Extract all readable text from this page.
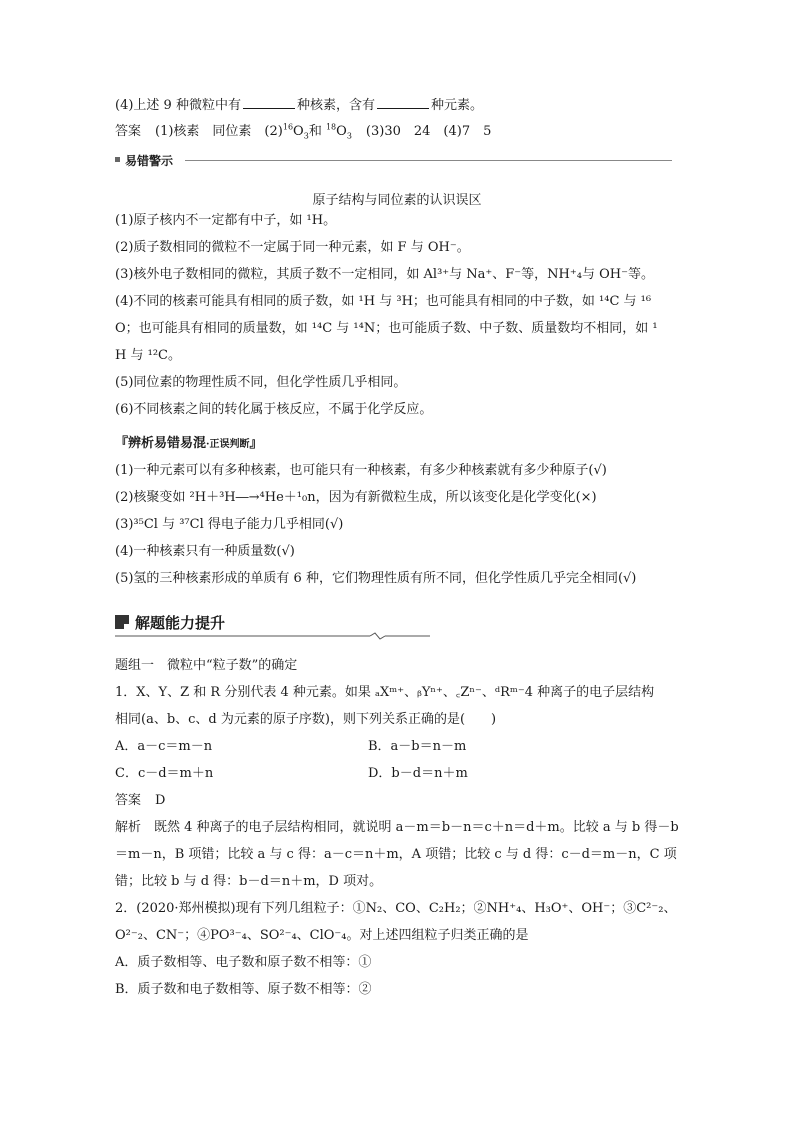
(4)上述 9 种微粒中有	种核素，含有	种元素。
答案 (1)核素　同位素　$(2)^{16}O_3$和 $^{18}O_3$ (3)30　24　(4)7　5
易错警示
原子结构与同位素的认识误区
(1)原子核内不一定都有中子，如 ¹H。
(2)质子数相同的微粒不一定属于同一种元素，如 F 与 OH⁻。
(3)核外电子数相同的微粒，其质子数不一定相同，如 Al³⁺与 Na⁺、F⁻等，NH⁺₄与 OH⁻等。
(4)不同的核素可能具有相同的质子数，如 ¹H 与 ³H；也可能具有相同的中子数，如 ¹⁴C 与 ¹⁶
O；也可能具有相同的质量数，如 ¹⁴C 与 ¹⁴N；也可能质子数、中子数、质量数均不相同，如 ¹
H 与 ¹²C。
(5)同位素的物理性质不同，但化学性质几乎相同。
(6)不同核素之间的转化属于核反应，不属于化学反应。
『辨析易错易混·正误判断』
(1)一种元素可以有多种核素，也可能只有一种核素，有多少种核素就有多少种原子(√)
(2)核聚变如 ²H＋³H―→⁴He＋¹₀n，因为有新微粒生成，所以该变化是化学变化(×)
(3)³⁵Cl 与 ³⁷Cl 得电子能力几乎相同(√)
(4)一种核素只有一种质量数(√)
(5)氢的三种核素形成的单质有 6 种，它们物理性质有所不同，但化学性质几乎完全相同(√)
解题能力提升
题组一　微粒中“粒子数”的确定
1．X、Y、Z 和 R 分别代表 4 种元素。如果 ₐXᵐ⁺、ᵦYⁿ⁺、꜀Zⁿ⁻、ᵈRᵐ⁻4 种离子的电子层结构
相同(a、b、c、d 为元素的原子序数)，则下列关系正确的是(　　)
A．a－c＝m－n	B．a－b＝n－m
C．c－d＝m＋n	D．b－d＝n＋m
答案 D
解析　既然 4 种离子的电子层结构相同，就说明 a－m＝b－n＝c＋n＝d＋m。比较 a 与 b 得－b
＝m－n，B 项错；比较 a 与 c 得：a－c＝n＋m，A 项错；比较 c 与 d 得：c－d＝m－n，C 项
错；比较 b 与 d 得：b－d＝n＋m，D 项对。
2．(2020·郑州模拟)现有下列几组粒子：①N₂、CO、C₂H₂；②NH⁺₄、H₃O⁺、OH⁻；③C²⁻₂、
O²⁻₂、CN⁻；④PO³⁻₄、SO²⁻₄、ClO⁻₄。对上述四组粒子归类正确的是
A．质子数相等、电子数和原子数不相等：①
B．质子数和电子数相等、原子数不相等：②
